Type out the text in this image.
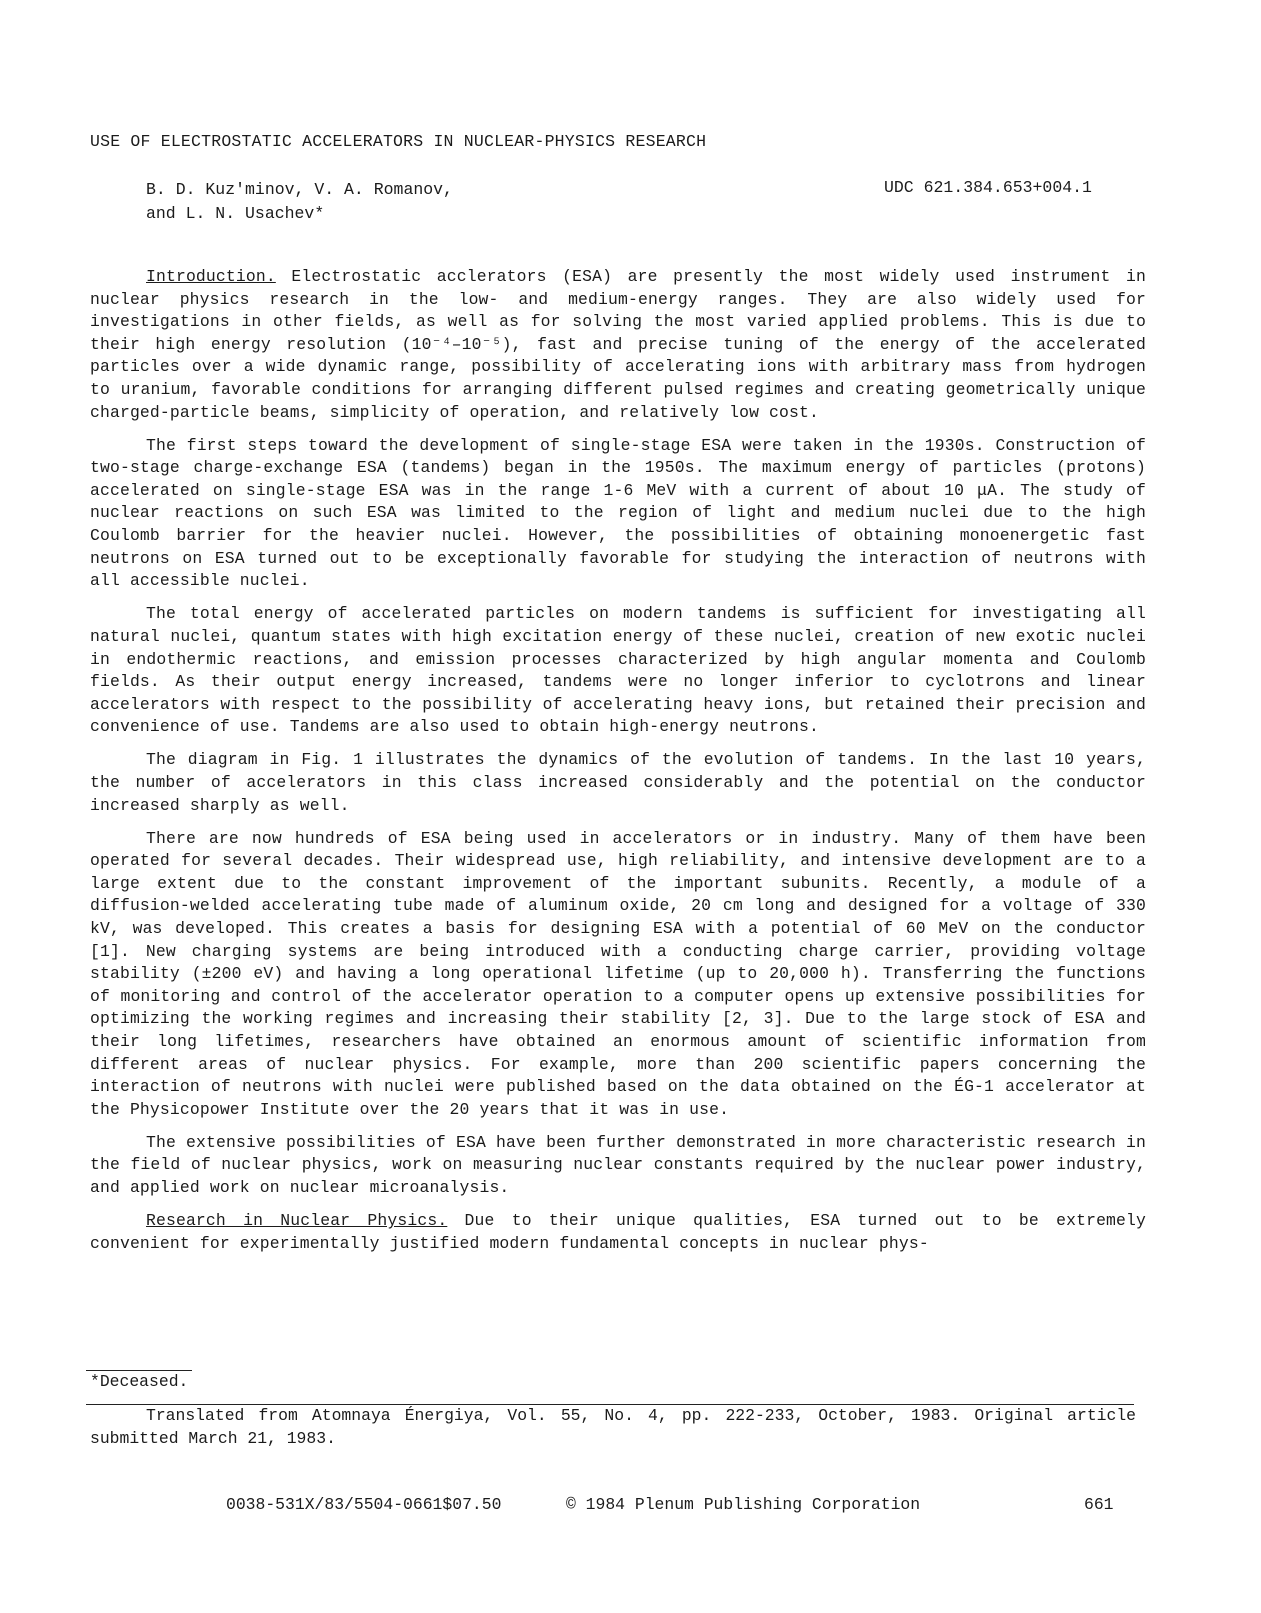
USE OF ELECTROSTATIC ACCELERATORS IN NUCLEAR-PHYSICS RESEARCH
B. D. Kuz'minov, V. A. Romanov,
and L. N. Usachev*
UDC 621.384.653+004.1

Introduction. Electrostatic acclerators (ESA) are presently the most widely used instrument in nuclear physics research in the low- and medium-energy ranges. They are also widely used for investigations in other fields, as well as for solving the most varied applied problems. This is due to their high energy resolution (10⁻⁴–10⁻⁵), fast and precise tuning of the energy of the accelerated particles over a wide dynamic range, possibility of accelerating ions with arbitrary mass from hydrogen to uranium, favorable conditions for arranging different pulsed regimes and creating geometrically unique charged-particle beams, simplicity of operation, and relatively low cost.

The first steps toward the development of single-stage ESA were taken in the 1930s. Construction of two-stage charge-exchange ESA (tandems) began in the 1950s. The maximum energy of particles (protons) accelerated on single-stage ESA was in the range 1-6 MeV with a current of about 10 μA. The study of nuclear reactions on such ESA was limited to the region of light and medium nuclei due to the high Coulomb barrier for the heavier nuclei. However, the possibilities of obtaining monoenergetic fast neutrons on ESA turned out to be exceptionally favorable for studying the interaction of neutrons with all accessible nuclei.

The total energy of accelerated particles on modern tandems is sufficient for investigating all natural nuclei, quantum states with high excitation energy of these nuclei, creation of new exotic nuclei in endothermic reactions, and emission processes characterized by high angular momenta and Coulomb fields. As their output energy increased, tandems were no longer inferior to cyclotrons and linear accelerators with respect to the possibility of accelerating heavy ions, but retained their precision and convenience of use. Tandems are also used to obtain high-energy neutrons.

The diagram in Fig. 1 illustrates the dynamics of the evolution of tandems. In the last 10 years, the number of accelerators in this class increased considerably and the potential on the conductor increased sharply as well.

There are now hundreds of ESA being used in accelerators or in industry. Many of them have been operated for several decades. Their widespread use, high reliability, and intensive development are to a large extent due to the constant improvement of the important subunits. Recently, a module of a diffusion-welded accelerating tube made of aluminum oxide, 20 cm long and designed for a voltage of 330 kV, was developed. This creates a basis for designing ESA with a potential of 60 MeV on the conductor [1]. New charging systems are being introduced with a conducting charge carrier, providing voltage stability (±200 eV) and having a long operational lifetime (up to 20,000 h). Transferring the functions of monitoring and control of the accelerator operation to a computer opens up extensive possibilities for optimizing the working regimes and increasing their stability [2, 3]. Due to the large stock of ESA and their long lifetimes, researchers have obtained an enormous amount of scientific information from different areas of nuclear physics. For example, more than 200 scientific papers concerning the interaction of neutrons with nuclei were published based on the data obtained on the ÉG-1 accelerator at the Physicopower Institute over the 20 years that it was in use.

The extensive possibilities of ESA have been further demonstrated in more characteristic research in the field of nuclear physics, work on measuring nuclear constants required by the nuclear power industry, and applied work on nuclear microanalysis.

Research in Nuclear Physics. Due to their unique qualities, ESA turned out to be extremely convenient for experimentally justified modern fundamental concepts in nuclear phys-

*Deceased.
Translated from Atomnaya Énergiya, Vol. 55, No. 4, pp. 222-233, October, 1983. Original article submitted March 21, 1983.
0038-531X/83/5504-0661$07.50	© 1984 Plenum Publishing Corporation	661
